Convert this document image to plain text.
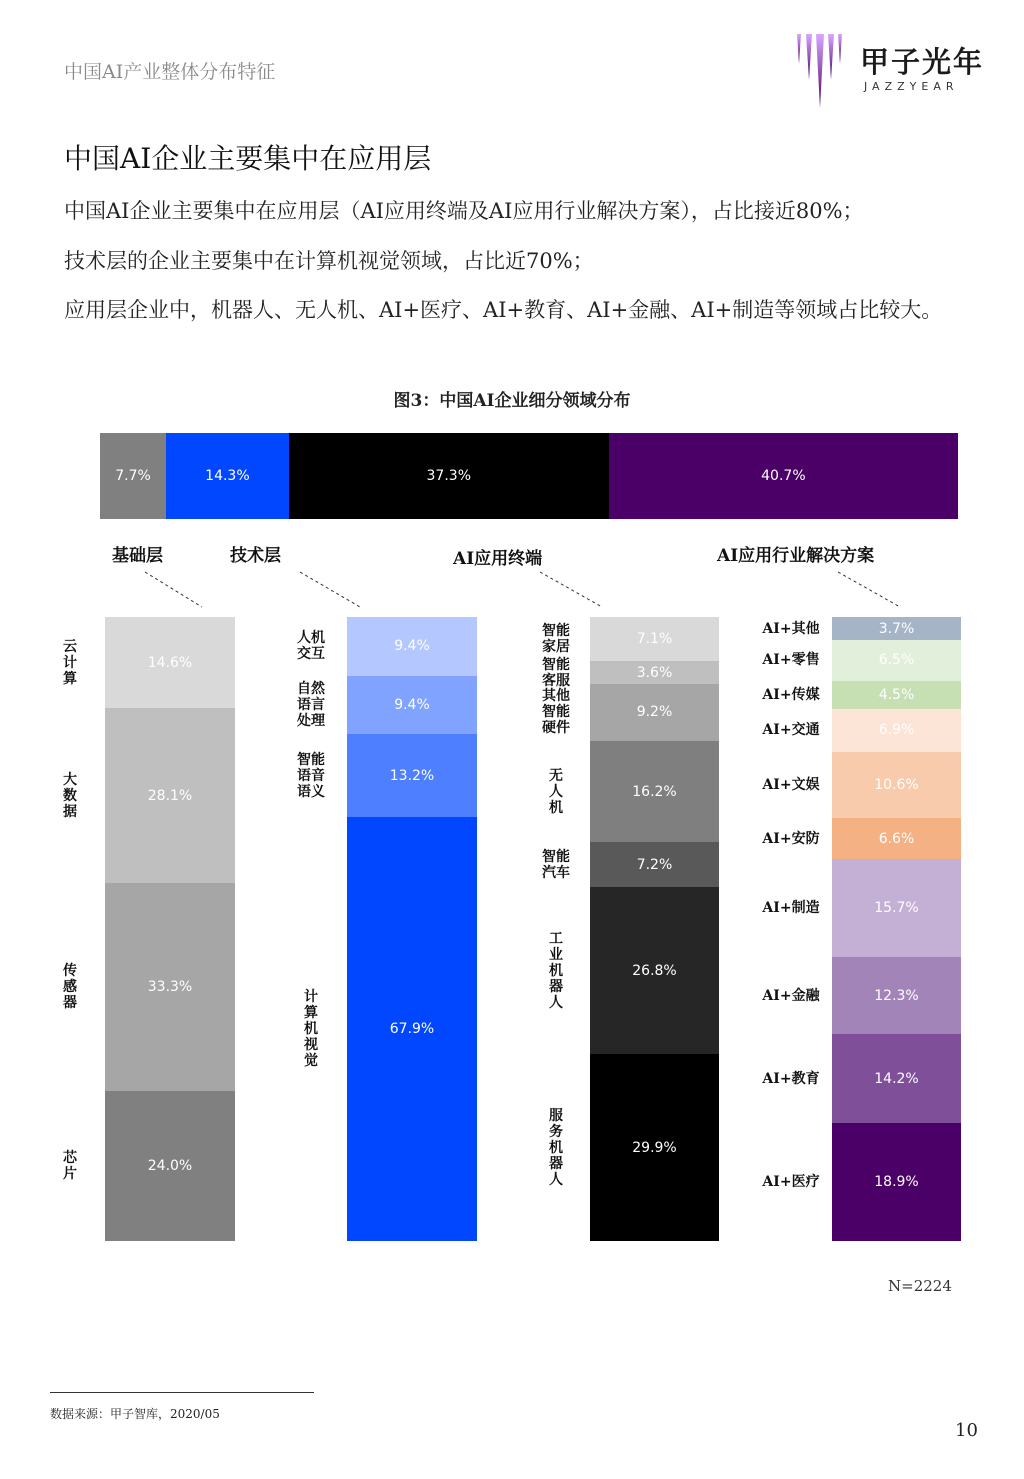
中国AI产业整体分布特征	甲子光年
JAZZYEAR
中国AI企业主要集中在应用层
中国AI企业主要集中在应用层（AI应用终端及AI应用行业解决方案），占比接近80%；
技术层的企业主要集中在计算机视觉领域，占比近70%；
应用层企业中，机器人、无人机、AI+医疗、AI+教育、AI+金融、AI+制造等领域占比较大。
图3：中国AI企业细分领域分布
7.7%	14.3%	37.3%	40.7%
基础层	技术层	AI应用终端	AI应用行业解决方案
14.6%
云
计
算
28.1%
大
数
据
33.3%
传
感
器
24.0%
芯
片
9.4%
人机
交互
9.4%
自然
语言
处理
13.2%
智能
语音
语义
67.9%
计
算
机
视
觉
7.1%
智能
家居
3.6%
智能
客服
9.2%
其他
智能
硬件
16.2%
无
人
机
7.2%
智能
汽车
26.8%
工
业
机
器
人
29.9%
服
务
机
器
人
3.7%
AI+其他
6.5%
AI+零售
4.5%
AI+传媒
6.9%
AI+交通
10.6%
AI+文娱
6.6%
AI+安防
15.7%
AI+制造
12.3%
AI+金融
14.2%
AI+教育
18.9%
AI+医疗
N=2224
数据来源：甲子智库，2020/05
10
